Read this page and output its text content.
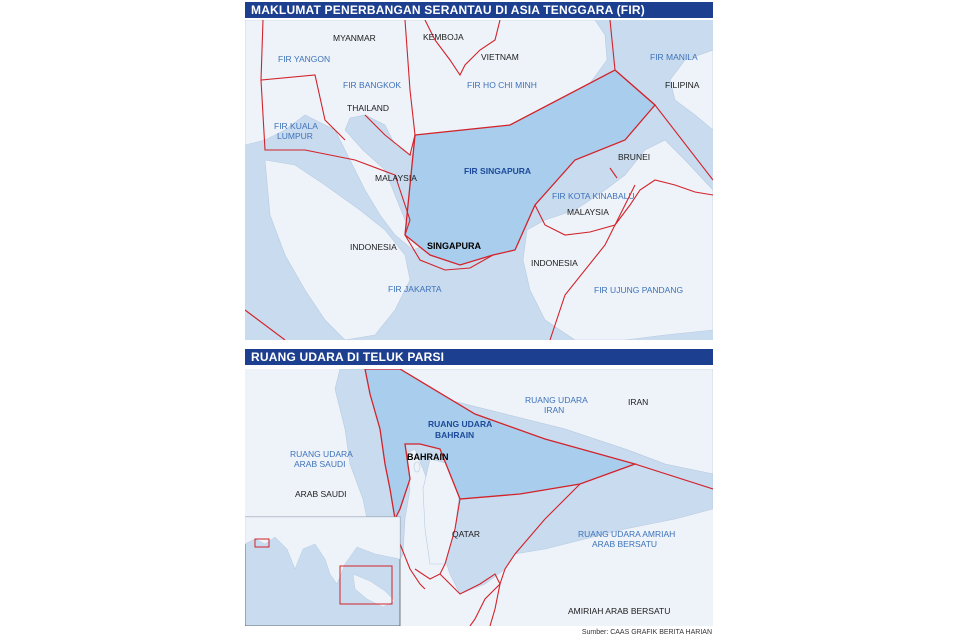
MAKLUMAT PENERBANGAN SERANTAU DI ASIA TENGGARA (FIR)
MYANMAR	KEMBOJA
VIETNAM	FIR MANILA
FIR YANGON
FIR BANGKOK	FIR HO CHI MINH	FILIPINA
THAILAND
FIR KUALA
LUMPUR
BRUNEI
FIR SINGAPURA
MALAYSIA
FIR KOTA KINABALU
MALAYSIA
INDONESIA	SINGAPURA
INDONESIA
FIR JAKARTA	FIR UJUNG PANDANG
RUANG UDARA DI TELUK PARSI
RUANG UDARA
IRAN
IRAN
RUANG UDARA
BAHRAIN
RUANG UDARA
ARAB SAUDI
BAHRAIN
ARAB SAUDI
QATAR	RUANG UDARA AMRIAH
ARAB BERSATU
AMIRIAH ARAB BERSATU
Sumber: CAAS GRAFIK BERITA HARIAN
